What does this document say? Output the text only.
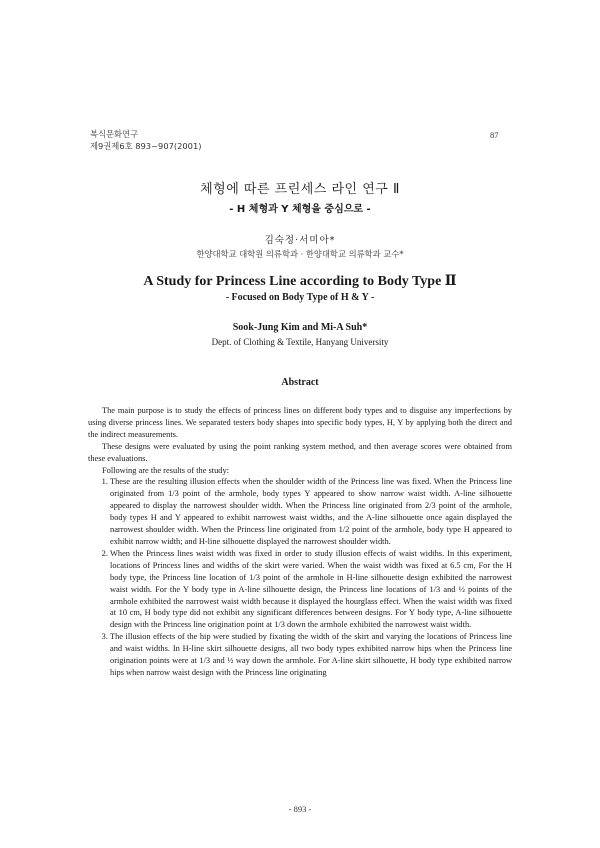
복식문화연구
제9권제6호 893~907(2001)
87
체형에 따른 프린세스 라인 연구 Ⅱ
- H 체형과 Y 체형을 중심으로 -
김숙정·서미아*
한양대학교 대학원 의류학과 · 한양대학교 의류학과 교수*
A Study for Princess Line according to Body Type Ⅱ
- Focused on Body Type of H & Y -
Sook-Jung Kim and Mi-A Suh*
Dept. of Clothing & Textile, Hanyang University
Abstract

The main purpose is to study the effects of princess lines on different body types and to disguise any imperfections by using diverse princess lines. We separated testers body shapes into specific body types, H, Y by applying both the direct and the indirect measurements.

These designs were evaluated by using the point ranking system method, and then average scores were obtained from these evaluations.

Following are the results of the study:

1. These are the resulting illusion effects when the shoulder width of the Princess line was fixed. When the Princess line originated from 1/3 point of the armhole, body types Y appeared to show narrow waist width. A-line silhouette appeared to display the narrowest shoulder width. When the Princess line originated from 2/3 point of the armhole, body types H and Y appeared to exhibit narrowest waist widths, and the A-line silhouette once again displayed the narrowest shoulder width. When the Princess line originated from 1/2 point of the armhole, body type H appeared to exhibit narrow width; and H-line silhouette displayed the narrowest shoulder width.
2. When the Princess lines waist width was fixed in order to study illusion effects of waist widths. In this experiment, locations of Princess lines and widths of the skirt were varied. When the waist width was fixed at 6.5 cm, For the H body type, the Princess line location of 1/3 point of the armhole in H-line silhouette design exhibited the narrowest waist width. For the Y body type in A-line silhouette design, the Princess line locations of 1/3 and ½ points of the armhole exhibited the narrowest waist width because it displayed the hourglass effect. When the waist width was fixed at 10 cm, H body type did not exhibit any significant differences between designs. For Y body type, A-line silhouette design with the Princess line origination point at 1/3 down the armhole exhibited the narrowest waist width.
3. The illusion effects of the hip were studied by fixating the width of the skirt and varying the locations of Princess line and waist widths. In H-line skirt silhouette designs, all two body types exhibited narrow hips when the Princess line origination points were at 1/3 and ½ way down the armhole. For A-line skirt silhouette, H body type exhibited narrow hips when narrow waist design with the Princess line originating
- 893 -
